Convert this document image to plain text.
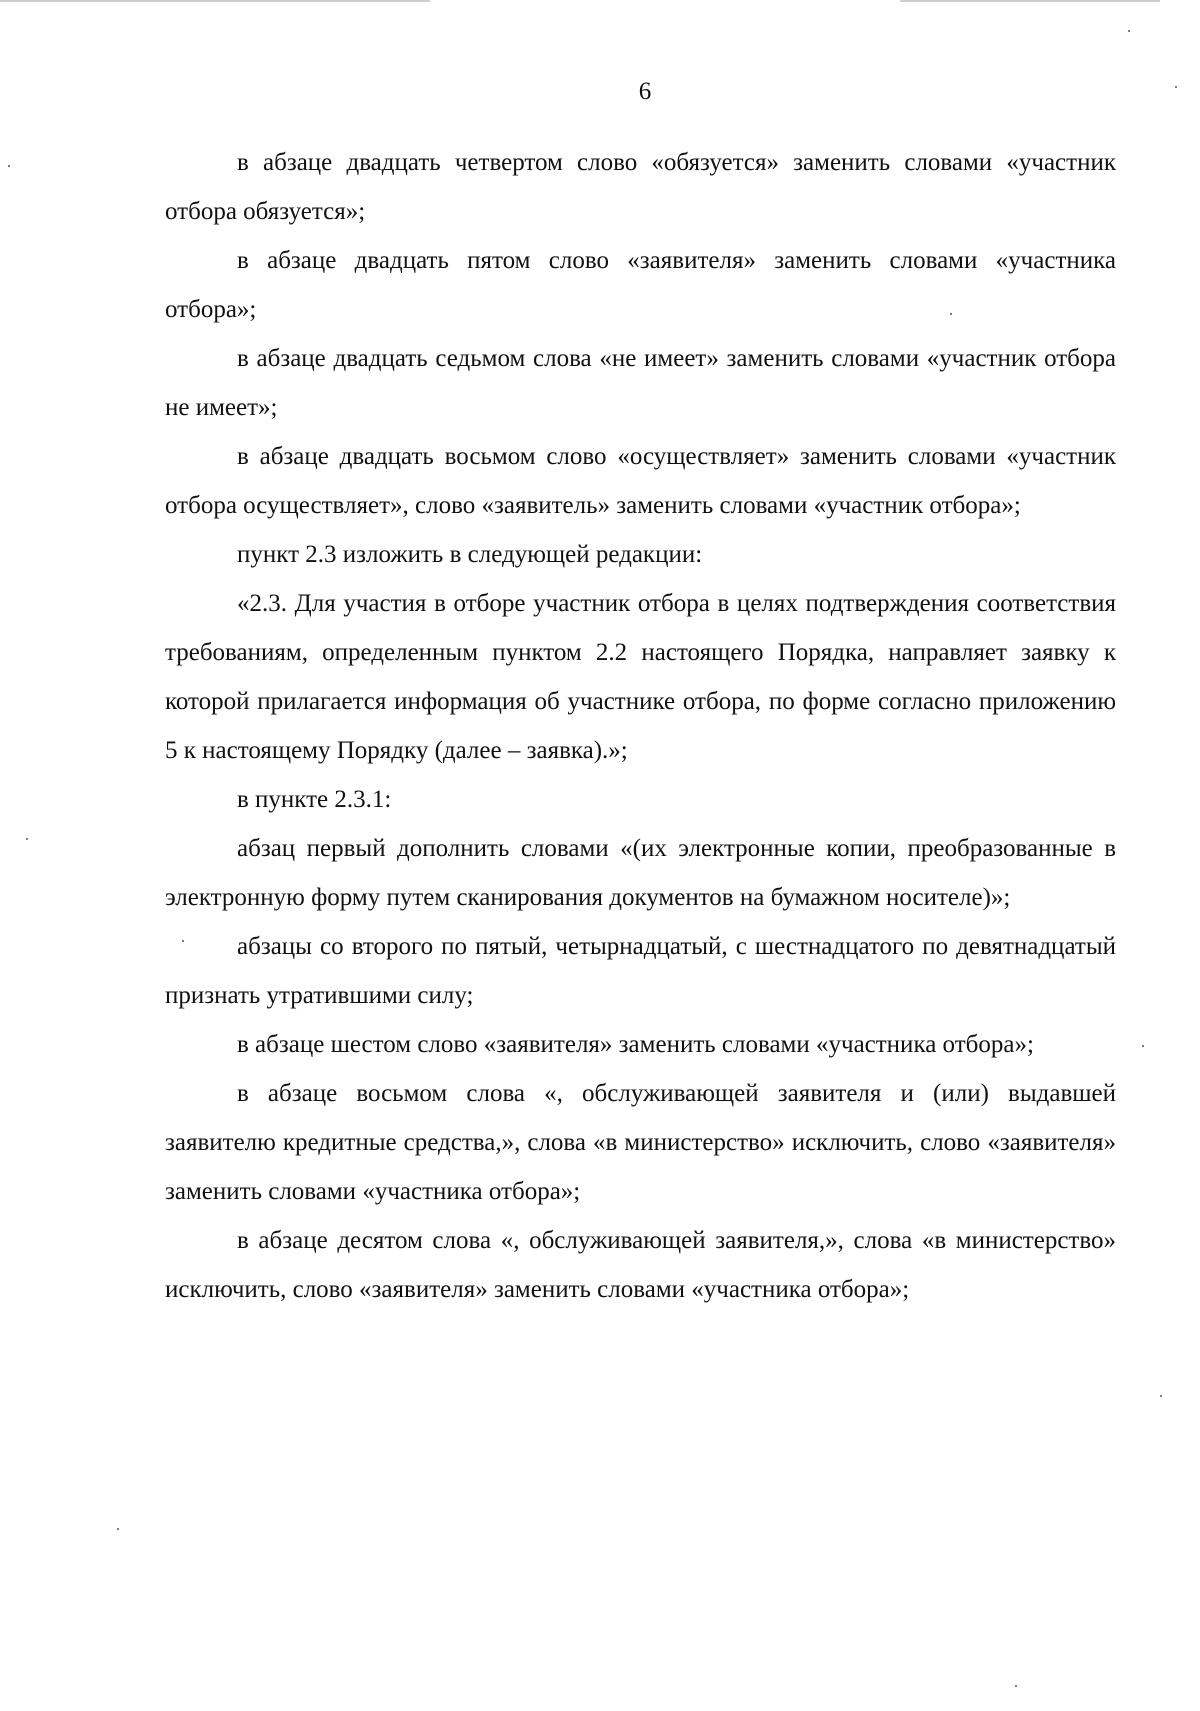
6

в абзаце двадцать четвертом слово «обязуется» заменить словами «участник отбора обязуется»;

в абзаце двадцать пятом слово «заявителя» заменить словами «участника отбора»;

в абзаце двадцать седьмом слова «не имеет» заменить словами «участник отбора не имеет»;

в абзаце двадцать восьмом слово «осуществляет» заменить словами «участник отбора осуществляет», слово «заявитель» заменить словами «участник отбора»;

пункт 2.3 изложить в следующей редакции:

«2.3. Для участия в отборе участник отбора в целях подтверждения соответствия требованиям, определенным пунктом 2.2 настоящего Порядка, направляет заявку к которой прилагается информация об участнике отбора, по форме согласно приложению 5 к настоящему Порядку (далее – заявка).»;

в пункте 2.3.1:

абзац первый дополнить словами «(их электронные копии, преобразованные в электронную форму путем сканирования документов на бумажном носителе)»;

абзацы со второго по пятый, четырнадцатый, с шестнадцатого по девятнадцатый признать утратившими силу;

в абзаце шестом слово «заявителя» заменить словами «участника отбора»;

в абзаце восьмом слова «, обслуживающей заявителя и (или) выдавшей заявителю кредитные средства,», слова «в министерство» исключить, слово «заявителя» заменить словами «участника отбора»;

в абзаце десятом слова «, обслуживающей заявителя,», слова «в министерство» исключить, слово «заявителя» заменить словами «участника отбора»;
